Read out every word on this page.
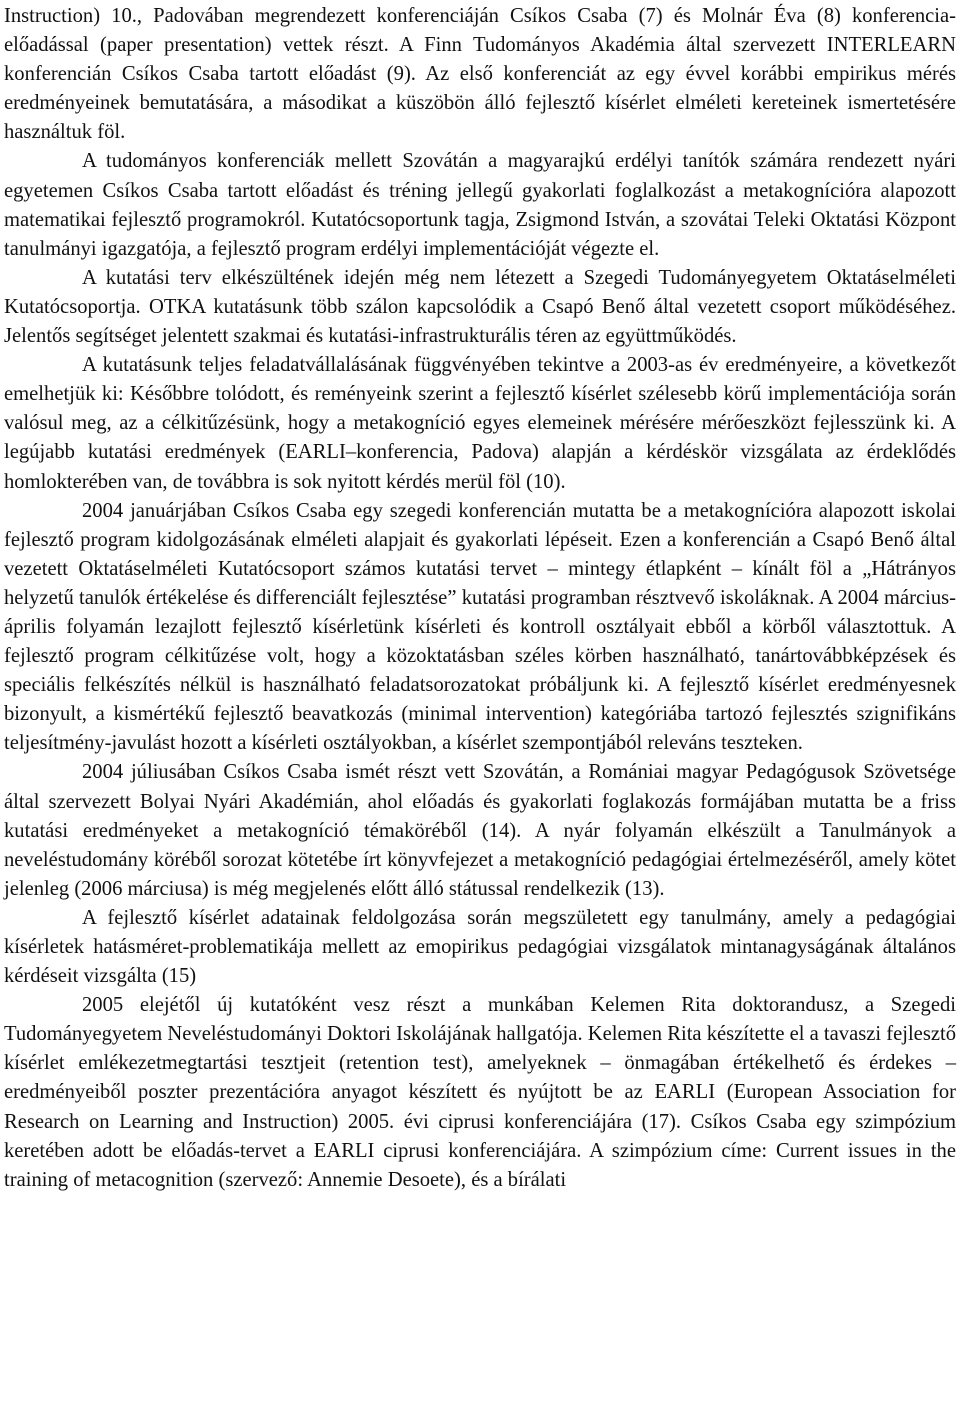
Instruction) 10., Padovában megrendezett konferenciáján Csíkos Csaba (7) és Molnár Éva (8) konferencia-előadással (paper presentation) vettek részt. A Finn Tudományos Akadémia által szervezett INTERLEARN konferencián Csíkos Csaba tartott előadást (9). Az első konferenciát az egy évvel korábbi empirikus mérés eredményeinek bemutatására, a másodikat a küszöbön álló fejlesztő kísérlet elméleti kereteinek ismertetésére használtuk föl.

A tudományos konferenciák mellett Szovátán a magyarajkú erdélyi tanítók számára rendezett nyári egyetemen Csíkos Csaba tartott előadást és tréning jellegű gyakorlati foglalkozást a metakognícióra alapozott matematikai fejlesztő programokról. Kutatócsoportunk tagja, Zsigmond István, a szovátai Teleki Oktatási Központ tanulmányi igazgatója, a fejlesztő program erdélyi implementációját végezte el.

A kutatási terv elkészültének idején még nem létezett a Szegedi Tudományegyetem Oktatáselméleti Kutatócsoportja. OTKA kutatásunk több szálon kapcsolódik a Csapó Benő által vezetett csoport működéséhez. Jelentős segítséget jelentett szakmai és kutatási-infrastrukturális téren az együttműködés.

A kutatásunk teljes feladatvállalásának függvényében tekintve a 2003-as év eredményeire, a következőt emelhetjük ki: Későbbre tolódott, és reményeink szerint a fejlesztő kísérlet szélesebb körű implementációja során valósul meg, az a célkitűzésünk, hogy a metakogníció egyes elemeinek mérésére mérőeszközt fejlesszünk ki. A legújabb kutatási eredmények (EARLI–konferencia, Padova) alapján a kérdéskör vizsgálata az érdeklődés homlokterében van, de továbbra is sok nyitott kérdés merül föl (10).

2004 januárjában Csíkos Csaba egy szegedi konferencián mutatta be a metakognícióra alapozott iskolai fejlesztő program kidolgozásának elméleti alapjait és gyakorlati lépéseit. Ezen a konferencián a Csapó Benő által vezetett Oktatáselméleti Kutatócsoport számos kutatási tervet – mintegy étlapként – kínált föl a „Hátrányos helyzetű tanulók értékelése és differenciált fejlesztése” kutatási programban résztvevő iskoláknak. A 2004 március-április folyamán lezajlott fejlesztő kísérletünk kísérleti és kontroll osztályait ebből a körből választottuk. A fejlesztő program célkitűzése volt, hogy a közoktatásban széles körben használható, tanártovábbképzések és speciális felkészítés nélkül is használható feladatsorozatokat próbáljunk ki. A fejlesztő kísérlet eredményesnek bizonyult, a kismértékű fejlesztő beavatkozás (minimal intervention) kategóriába tartozó fejlesztés szignifikáns teljesítmény-javulást hozott a kísérleti osztályokban, a kísérlet szempontjából releváns teszteken.

2004 júliusában Csíkos Csaba ismét részt vett Szovátán, a Romániai magyar Pedagógusok Szövetsége által szervezett Bolyai Nyári Akadémián, ahol előadás és gyakorlati foglakozás formájában mutatta be a friss kutatási eredményeket a metakogníció témaköréből (14). A nyár folyamán elkészült a Tanulmányok a neveléstudomány köréből sorozat kötetébe írt könyvfejezet a metakogníció pedagógiai értelmezéséről, amely kötet jelenleg (2006 márciusa) is még megjelenés előtt álló státussal rendelkezik (13).

A fejlesztő kísérlet adatainak feldolgozása során megszületett egy tanulmány, amely a pedagógiai kísérletek hatásméret-problematikája mellett az emopirikus pedagógiai vizsgálatok mintanagyságának általános kérdéseit vizsgálta (15)

2005 elejétől új kutatóként vesz részt a munkában Kelemen Rita doktorandusz, a Szegedi Tudományegyetem Neveléstudományi Doktori Iskolájának hallgatója. Kelemen Rita készítette el a tavaszi fejlesztő kísérlet emlékezetmegtartási tesztjeit (retention test), amelyeknek – önmagában értékelhető és érdekes – eredményeiből poszter prezentációra anyagot készített és nyújtott be az EARLI (European Association for Research on Learning and Instruction) 2005. évi ciprusi konferenciájára (17). Csíkos Csaba egy szimpózium keretében adott be előadás-tervet a EARLI ciprusi konferenciájára. A szimpózium címe: Current issues in the training of metacognition (szervező: Annemie Desoete), és a bírálati
